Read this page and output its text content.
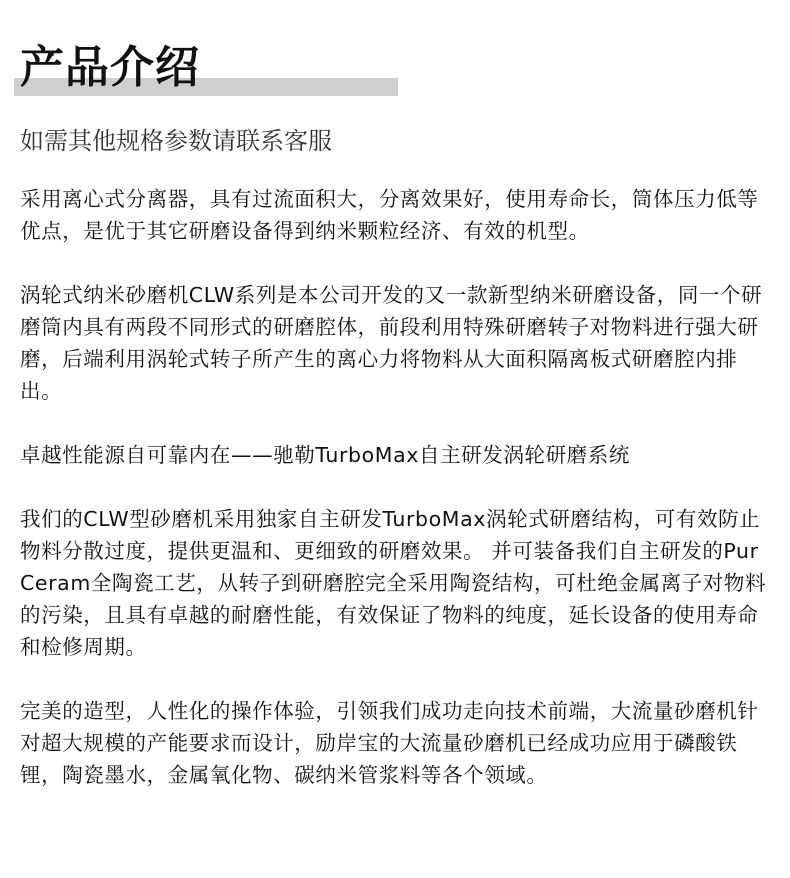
产品介绍

如需其他规格参数请联系客服

采用离心式分离器，具有过流面积大，分离效果好，使用寿命长，筒体压力低等优点，是优于其它研磨设备得到纳米颗粒经济、有效的机型。

涡轮式纳米砂磨机CLW系列是本公司开发的又一款新型纳米研磨设备，同一个研磨筒内具有两段不同形式的研磨腔体，前段利用特殊研磨转子对物料进行强大研磨，后端利用涡轮式转子所产生的离心力将物料从大面积隔离板式研磨腔内排出。

卓越性能源自可靠内在——驰勒TurboMax自主研发涡轮研磨系统

我们的CLW型砂磨机采用独家自主研发TurboMax涡轮式研磨结构，可有效防止物料分散过度，提供更温和、更细致的研磨效果。 并可装备我们自主研发的PurCeram全陶瓷工艺，从转子到研磨腔完全采用陶瓷结构，可杜绝金属离子对物料的污染，且具有卓越的耐磨性能，有效保证了物料的纯度，延长设备的使用寿命和检修周期。

完美的造型，人性化的操作体验，引领我们成功走向技术前端，大流量砂磨机针对超大规模的产能要求而设计，励岸宝的大流量砂磨机已经成功应用于磷酸铁锂，陶瓷墨水，金属氧化物、碳纳米管浆料等各个领域。
